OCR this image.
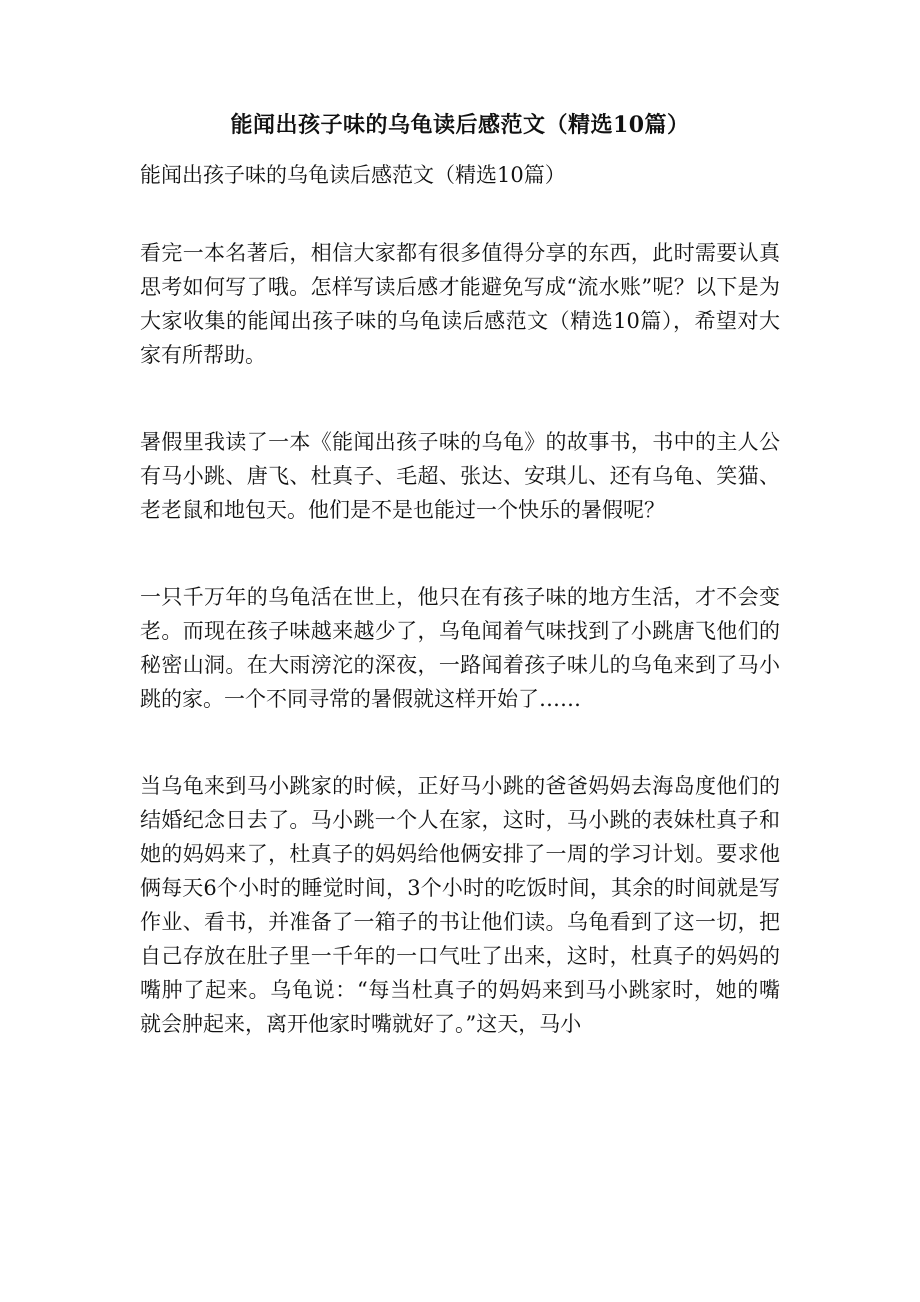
能闻出孩子味的乌龟读后感范文（精选10篇）

能闻出孩子味的乌龟读后感范文（精选10篇）

看完一本名著后，相信大家都有很多值得分享的东西，此时需要认真思考如何写了哦。怎样写读后感才能避免写成“流水账”呢？以下是为大家收集的能闻出孩子味的乌龟读后感范文（精选10篇），希望对大家有所帮助。

暑假里我读了一本《能闻出孩子味的乌龟》的故事书，书中的主人公有马小跳、唐飞、杜真子、毛超、张达、安琪儿、还有乌龟、笑猫、老老鼠和地包天。他们是不是也能过一个快乐的暑假呢？

一只千万年的乌龟活在世上，他只在有孩子味的地方生活，才不会变老。而现在孩子味越来越少了，乌龟闻着气味找到了小跳唐飞他们的秘密山洞。在大雨滂沱的深夜，一路闻着孩子味儿的乌龟来到了马小跳的家。一个不同寻常的暑假就这样开始了……

当乌龟来到马小跳家的时候，正好马小跳的爸爸妈妈去海岛度他们的结婚纪念日去了。马小跳一个人在家，这时，马小跳的表妹杜真子和她的妈妈来了，杜真子的妈妈给他俩安排了一周的学习计划。要求他俩每天6个小时的睡觉时间，3个小时的吃饭时间，其余的时间就是写作业、看书，并准备了一箱子的书让他们读。乌龟看到了这一切，把自己存放在肚子里一千年的一口气吐了出来，这时，杜真子的妈妈的嘴肿了起来。乌龟说：“每当杜真子的妈妈来到马小跳家时，她的嘴就会肿起来，离开他家时嘴就好了。”这天，马小
